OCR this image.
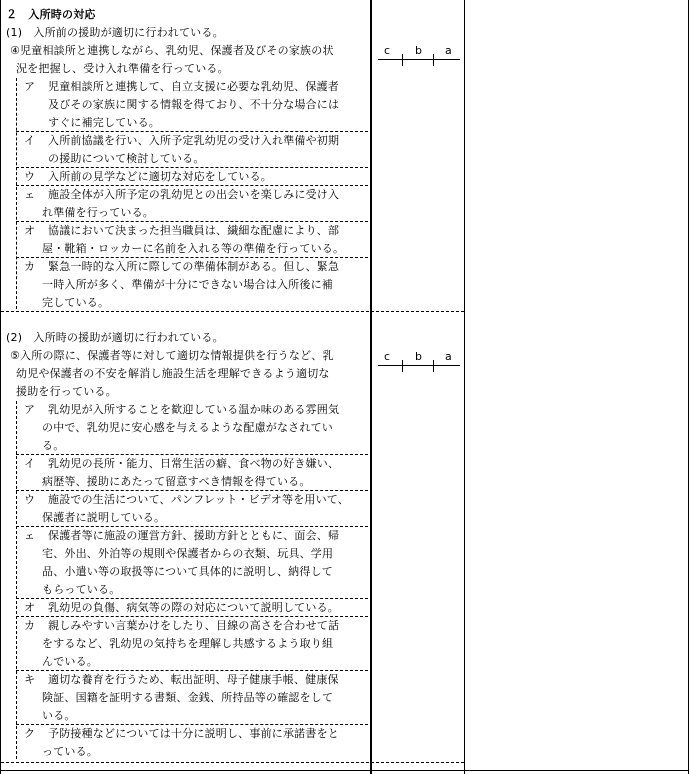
２　入所時の対応
(1)　入所前の援助が適切に行われている。
④児童相談所と連携しながら、乳幼児、保護者及びその家族の状
況を把握し、受け入れ準備を行っている。
ア 児童相談所と連携して、自立支援に必要な乳幼児、保護者
及びその家族に関する情報を得ており、不十分な場合には
すぐに補完している。
イ 入所前協議を行い、入所予定乳幼児の受け入れ準備や初期
の援助について検討している。
ウ 入所前の見学などに適切な対応をしている。
ェ 施設全体が入所予定の乳幼児との出会いを楽しみに受け入
れ準備を行っている。
オ 協議において決まった担当職員は、繊細な配慮により、部
屋・靴箱・ロッカーに名前を入れる等の準備を行っている。
カ 緊急一時的な入所に際しての準備体制がある。但し、緊急
一時入所が多く、準備が十分にできない場合は入所後に補
完している。
c b a
(2)　入所時の援助が適切に行われている。
⑤入所の際に、保護者等に対して適切な情報提供を行うなど、乳
幼児や保護者の不安を解消し施設生活を理解できるよう適切な
援助を行っている。
ア 乳幼児が入所することを歓迎している温か味のある雰囲気
の中で、乳幼児に安心感を与えるような配慮がなされてい
る。
イ 乳幼児の長所・能力、日常生活の癖、食べ物の好き嫌い、
病歴等、援助にあたって留意すべき情報を得ている。
ウ 施設での生活について、パンフレット・ビデオ等を用いて、
保護者に説明している。
ェ 保護者等に施設の運営方針、援助方針とともに、面会、帰
宅、外出、外泊等の規則や保護者からの衣類、玩具、学用
品、小遣い等の取扱等について具体的に説明し、納得して
もらっている。
オ 乳幼児の負傷、病気等の際の対応について説明している。
カ 親しみやすい言葉かけをしたり、目線の高さを合わせて話
をするなど、乳幼児の気持ちを理解し共感するよう取り組
んでいる。
キ 適切な養育を行うため、転出証明、母子健康手帳、健康保
険証、国籍を証明する書類、金銭、所持品等の確認をして
いる。
ク 予防接種などについては十分に説明し、事前に承諾書をと
っている。
c b a
